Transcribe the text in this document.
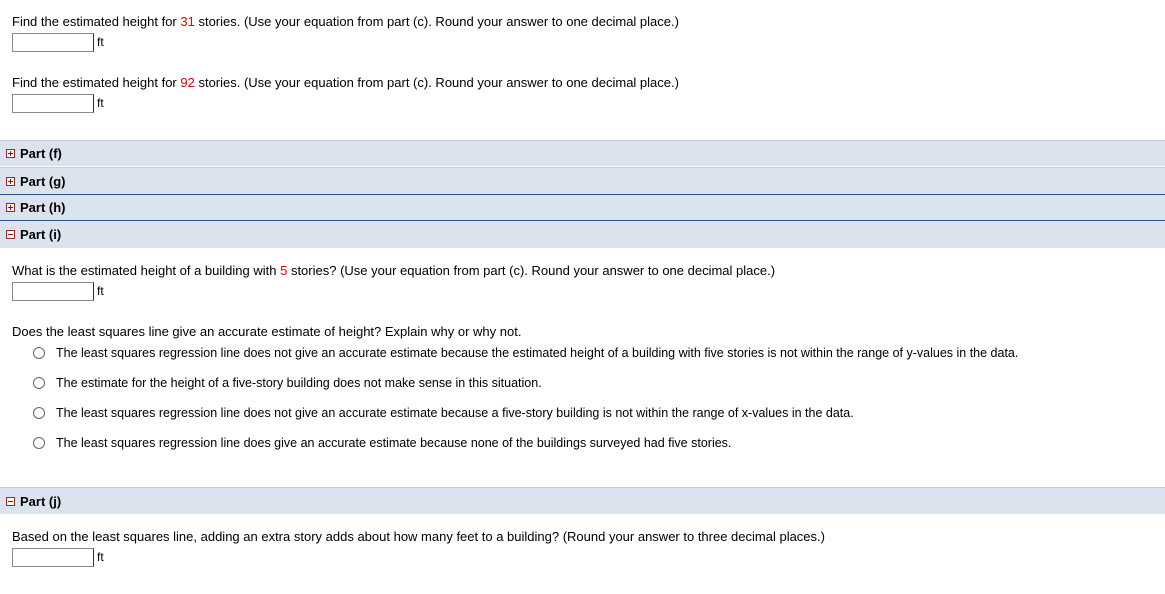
Find the estimated height for 31 stories. (Use your equation from part (c). Round your answer to one decimal place.)
ft
Find the estimated height for 92 stories. (Use your equation from part (c). Round your answer to one decimal place.)
ft
Part (f)
Part (g)
Part (h)
Part (i)
What is the estimated height of a building with 5 stories? (Use your equation from part (c). Round your answer to one decimal place.)
ft
Does the least squares line give an accurate estimate of height? Explain why or why not.
The least squares regression line does not give an accurate estimate because the estimated height of a building with five stories is not within the range of y-values in the data.
The estimate for the height of a five-story building does not make sense in this situation.
The least squares regression line does not give an accurate estimate because a five-story building is not within the range of x-values in the data.
The least squares regression line does give an accurate estimate because none of the buildings surveyed had five stories.
Part (j)
Based on the least squares line, adding an extra story adds about how many feet to a building? (Round your answer to three decimal places.)
ft
